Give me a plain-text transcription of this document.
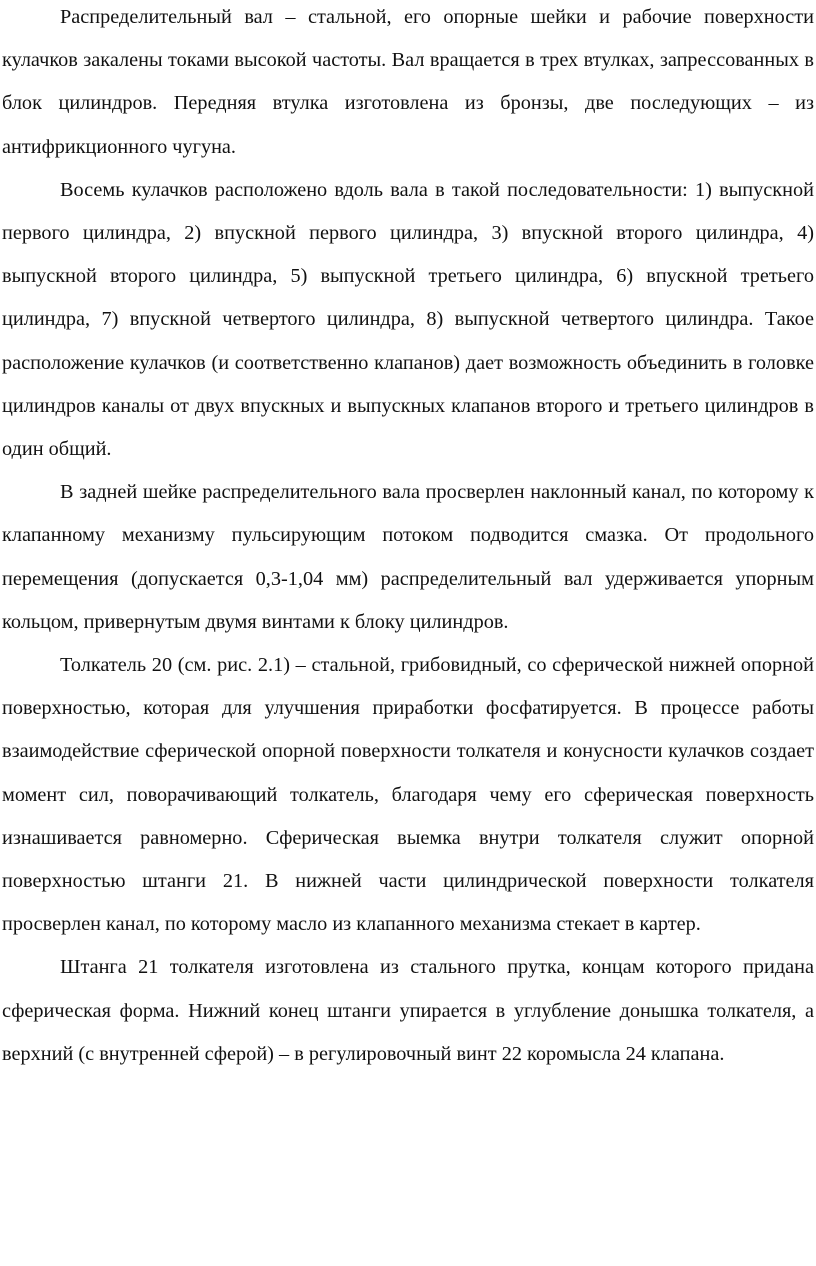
Распределительный вал – стальной, его опорные шейки и рабочие поверхности кулачков закалены токами высокой частоты. Вал вращается в трех втулках, запрессованных в блок цилиндров. Передняя втулка изготовлена из бронзы, две последующих – из антифрикционного чугуна.

Восемь кулачков расположено вдоль вала в такой последовательности: 1) выпускной первого цилиндра, 2) впускной первого цилиндра, 3) впускной второго цилиндра, 4) выпускной второго цилиндра, 5) выпускной третьего цилиндра, 6) впускной третьего цилиндра, 7) впускной четвертого цилиндра, 8) выпускной четвертого цилиндра. Такое расположение кулачков (и соответственно клапанов) дает возможность объединить в головке цилиндров каналы от двух впускных и выпускных клапанов второго и третьего цилиндров в один общий.

В задней шейке распределительного вала просверлен наклонный канал, по которому к клапанному механизму пульсирующим потоком подводится смазка. От продольного перемещения (допускается 0,3-1,04 мм) распределительный вал удерживается упорным кольцом, привернутым двумя винтами к блоку цилиндров.

Толкатель 20 (см. рис. 2.1) – стальной, грибовидный, со сферической нижней опорной поверхностью, которая для улучшения приработки фосфатируется. В процессе работы взаимодействие сферической опорной поверхности толкателя и конусности кулачков создает момент сил, поворачивающий толкатель, благодаря чему его сферическая поверхность изнашивается равномерно. Сферическая выемка внутри толкателя служит опорной поверхностью штанги 21. В нижней части цилиндрической поверхности толкателя просверлен канал, по которому масло из клапанного механизма стекает в картер.

Штанга 21 толкателя изготовлена из стального прутка, концам которого придана сферическая форма. Нижний конец штанги упирается в углубление донышка толкателя, а верхний (с внутренней сферой) – в регулировочный винт 22 коромысла 24 клапана.
